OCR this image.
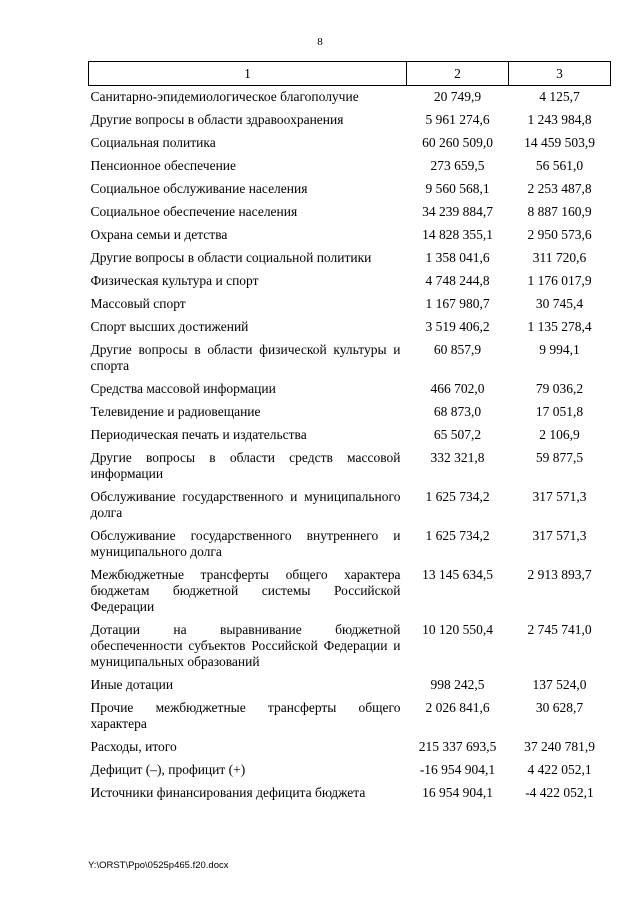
8
1	2	3
Санитарно-эпидемиологическое благополучие	20 749,9	4 125,7
Другие вопросы в области здравоохранения	5 961 274,6	1 243 984,8
Социальная политика	60 260 509,0	14 459 503,9
Пенсионное обеспечение	273 659,5	56 561,0
Социальное обслуживание населения	9 560 568,1	2 253 487,8
Социальное обеспечение населения	34 239 884,7	8 887 160,9
Охрана семьи и детства	14 828 355,1	2 950 573,6
Другие вопросы в области социальной политики	1 358 041,6	311 720,6
Физическая культура и спорт	4 748 244,8	1 176 017,9
Массовый спорт	1 167 980,7	30 745,4
Спорт высших достижений	3 519 406,2	1 135 278,4
Другие вопросы в области физической культуры и спорта	60 857,9	9 994,1
Средства массовой информации	466 702,0	79 036,2
Телевидение и радиовещание	68 873,0	17 051,8
Периодическая печать и издательства	65 507,2	2 106,9
Другие вопросы в области средств массовой информации	332 321,8	59 877,5
Обслуживание государственного и муниципального долга	1 625 734,2	317 571,3
Обслуживание государственного внутреннего и муниципального долга	1 625 734,2	317 571,3
Межбюджетные трансферты общего характера бюджетам бюджетной системы Российской Федерации	13 145 634,5	2 913 893,7
Дотации на выравнивание бюджетной обеспеченности субъектов Российской Федерации и муниципальных образований	10 120 550,4	2 745 741,0
Иные дотации	998 242,5	137 524,0
Прочие межбюджетные трансферты общего характера	2 026 841,6	30 628,7
Расходы, итого	215 337 693,5	37 240 781,9
Дефицит (–), профицит (+)	-16 954 904,1	4 422 052,1
Источники финансирования дефицита бюджета	16 954 904,1	-4 422 052,1
Y:\ORST\Ppo\0525p465.f20.docx
